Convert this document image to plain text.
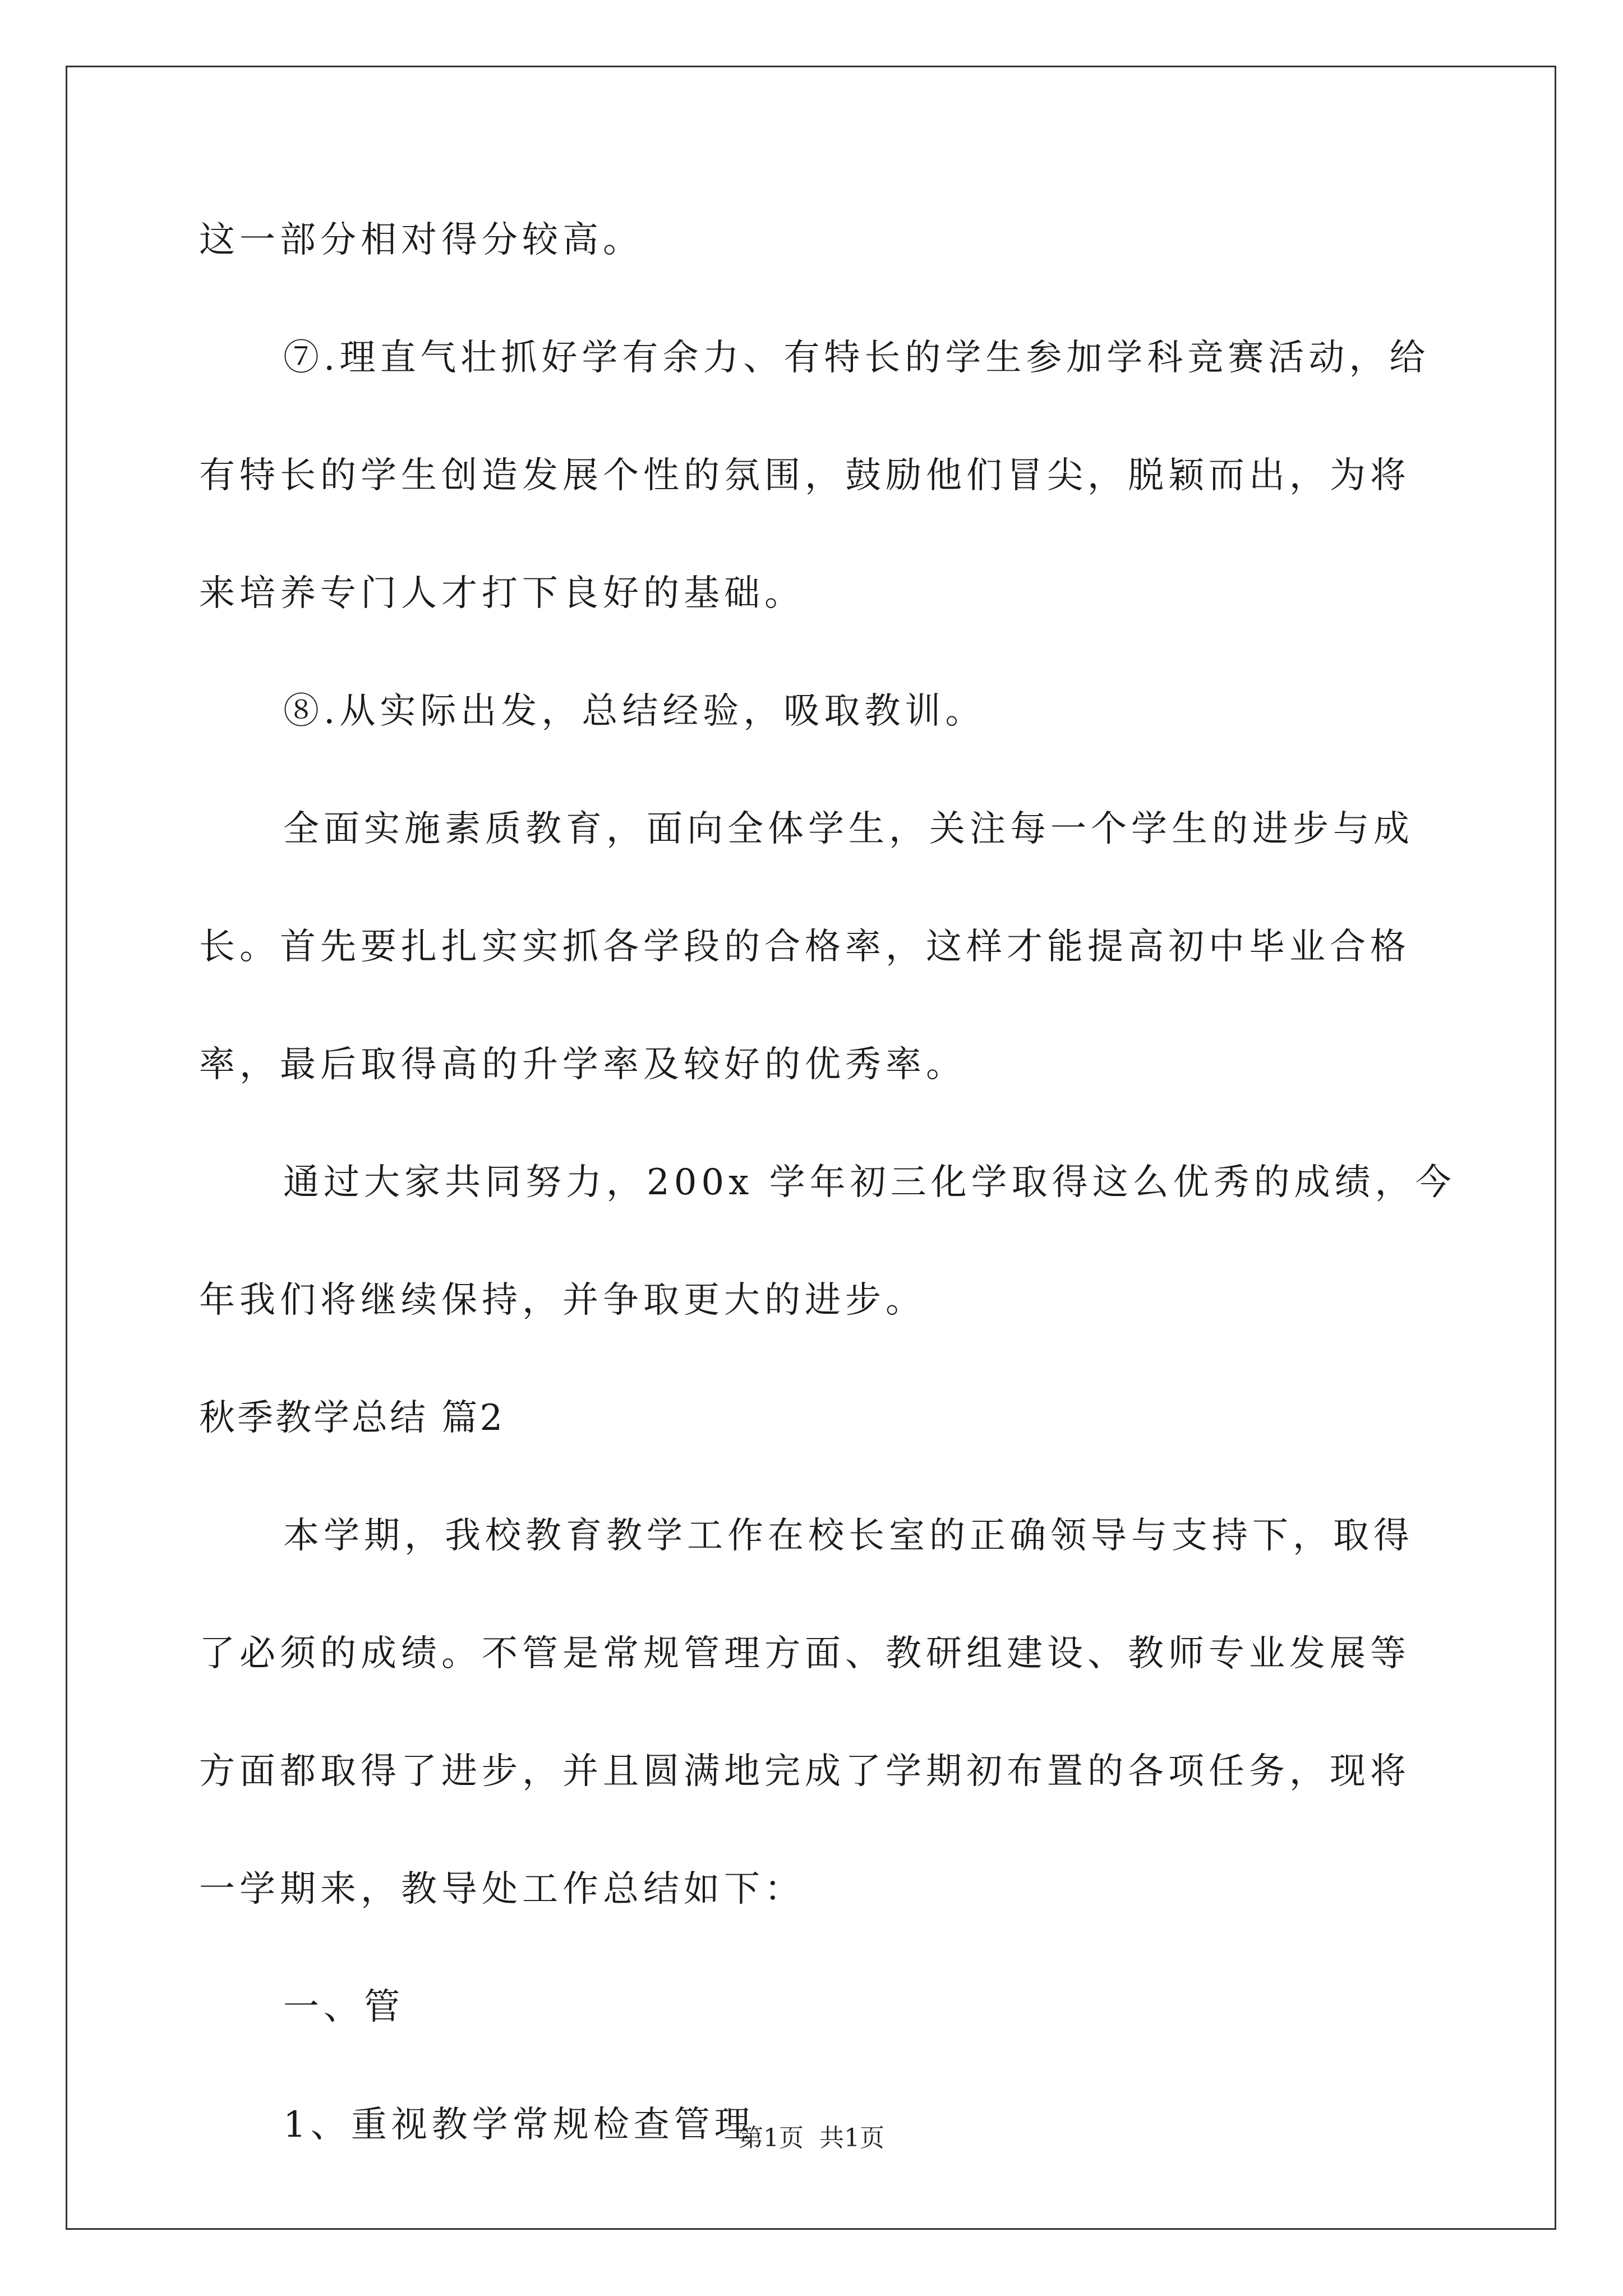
这一部分相对得分较高。
⑦.理直气壮抓好学有余力、有特长的学生参加学科竞赛活动，给
有特长的学生创造发展个性的氛围，鼓励他们冒尖，脱颖而出，为将
来培养专门人才打下良好的基础。
⑧.从实际出发，总结经验，吸取教训。
全面实施素质教育，面向全体学生，关注每一个学生的进步与成
长。首先要扎扎实实抓各学段的合格率，这样才能提高初中毕业合格
率，最后取得高的升学率及较好的优秀率。
通过大家共同努力，200x 学年初三化学取得这么优秀的成绩，今
年我们将继续保持，并争取更大的进步。
秋季教学总结 篇2
本学期，我校教育教学工作在校长室的正确领导与支持下，取得
了必须的成绩。不管是常规管理方面、教研组建设、教师专业发展等
方面都取得了进步，并且圆满地完成了学期初布置的各项任务，现将
一学期来，教导处工作总结如下：
一、管
1、重视教学常规检查管理
第1页 共1页
